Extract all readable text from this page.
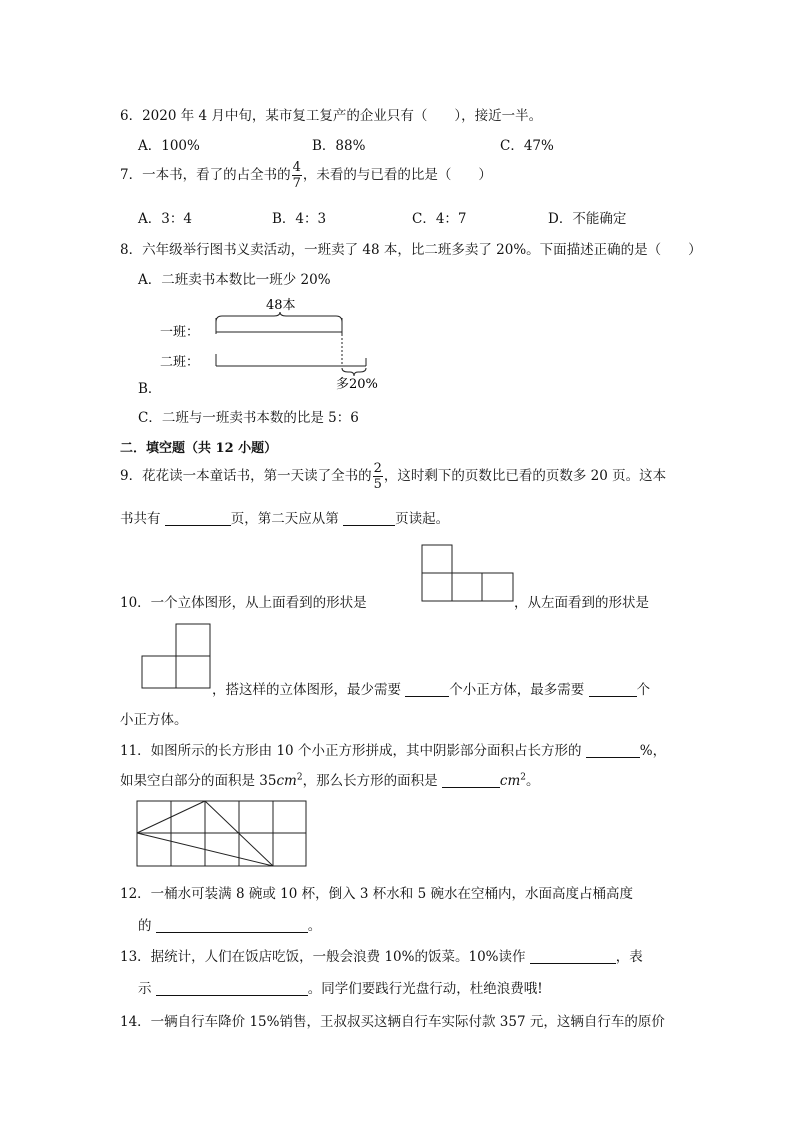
6．2020 年 4 月中旬，某市复工复产的企业只有（　　），接近一半。
A．100%	B．88%	C．47%
7．一本书，看了的占全书的 $\frac{4}{7}$ ，未看的与已看的比是（　　）
A．3：4	B．4：3	C．4：7	D．不能确定
8．六年级举行图书义卖活动，一班卖了 48 本，比二班多卖了 20%。下面描述正确的是（　　）
A．二班卖书本数比一班少 20%
48本
一班：
二班：
多20%
B．
C．二班与一班卖书本数的比是 5：6
二．填空题（共 12 小题）
9．花花读一本童话书，第一天读了全书的 $\frac{2}{5}$ ，这时剩下的页数比已看的页数多 20 页。这本
书共有	页，第二天应从第	页读起。
10．一个立体图形，从上面看到的形状是	，从左面看到的形状是
，搭这样的立体图形，最少需要	个小正方体，最多需要	个
小正方体。
11．如图所示的长方形由 10 个小正方形拼成，其中阴影部分面积占长方形的	%，
如果空白部分的面积是 $35cm^2$，那么长方形的面积是	$cm^2$。
12．一桶水可装满 8 碗或 10 杯，倒入 3 杯水和 5 碗水在空桶内，水面高度占桶高度
的	。
13．据统计，人们在饭店吃饭，一般会浪费 10%的饭菜。10%读作	，表
示	。同学们要践行光盘行动，杜绝浪费哦!
14．一辆自行车降价 15%销售，王叔叔买这辆自行车实际付款 357 元，这辆自行车的原价
